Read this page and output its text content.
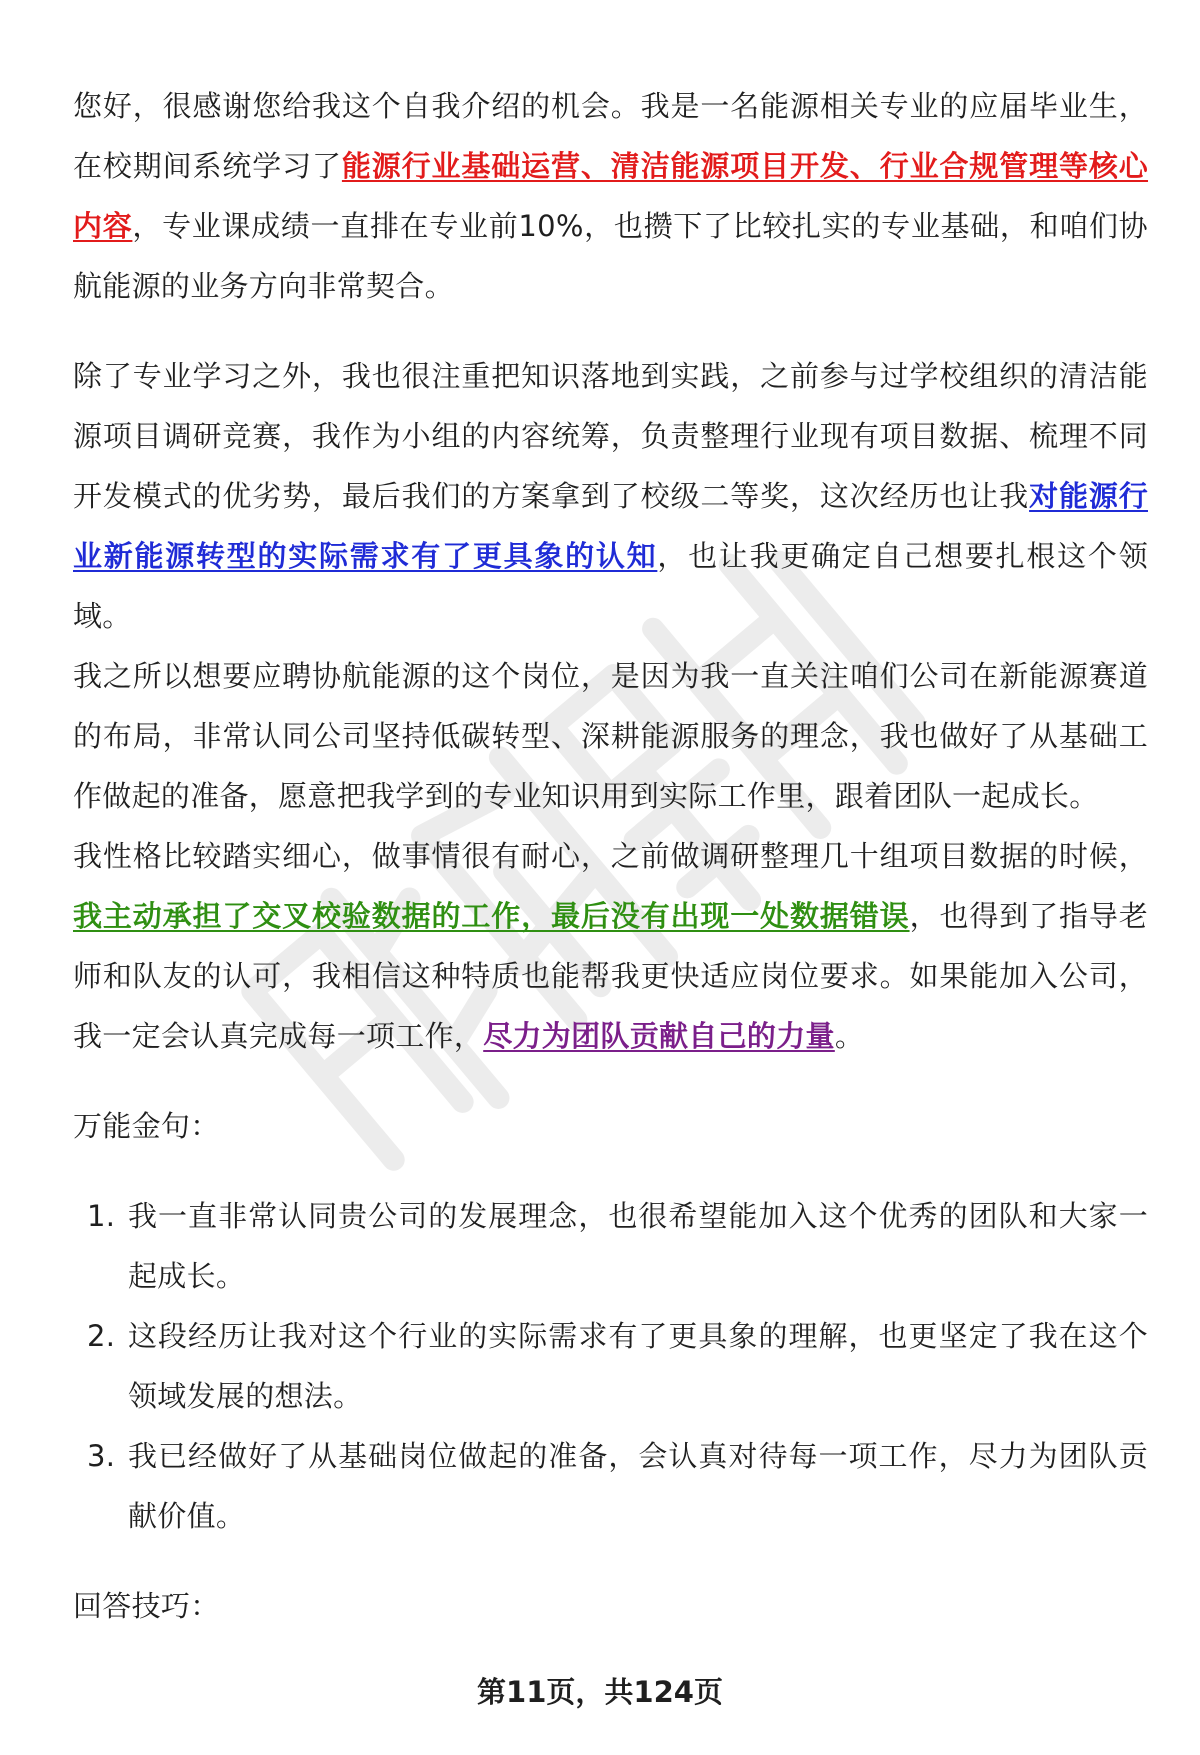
您好，很感谢您给我这个自我介绍的机会。我是一名能源相关专业的应届毕业生，在校期间系统学习了能源行业基础运营、清洁能源项目开发、行业合规管理等核心内容，专业课成绩一直排在专业前10%，也攒下了比较扎实的专业基础，和咱们协航能源的业务方向非常契合。

除了专业学习之外，我也很注重把知识落地到实践，之前参与过学校组织的清洁能源项目调研竞赛，我作为小组的内容统筹，负责整理行业现有项目数据、梳理不同开发模式的优劣势，最后我们的方案拿到了校级二等奖，这次经历也让我对能源行业新能源转型的实际需求有了更具象的认知，也让我更确定自己想要扎根这个领域。

我之所以想要应聘协航能源的这个岗位，是因为我一直关注咱们公司在新能源赛道的布局，非常认同公司坚持低碳转型、深耕能源服务的理念，我也做好了从基础工作做起的准备，愿意把我学到的专业知识用到实际工作里，跟着团队一起成长。

我性格比较踏实细心，做事情很有耐心，之前做调研整理几十组项目数据的时候，我主动承担了交叉校验数据的工作，最后没有出现一处数据错误，也得到了指导老师和队友的认可，我相信这种特质也能帮我更快适应岗位要求。如果能加入公司，我一定会认真完成每一项工作，尽力为团队贡献自己的力量。

万能金句：

1. 我一直非常认同贵公司的发展理念，也很希望能加入这个优秀的团队和大家一起成长。
2. 这段经历让我对这个行业的实际需求有了更具象的理解，也更坚定了我在这个领域发展的想法。
3. 我已经做好了从基础岗位做起的准备，会认真对待每一项工作，尽力为团队贡献价值。

回答技巧：

第11页，共124页
